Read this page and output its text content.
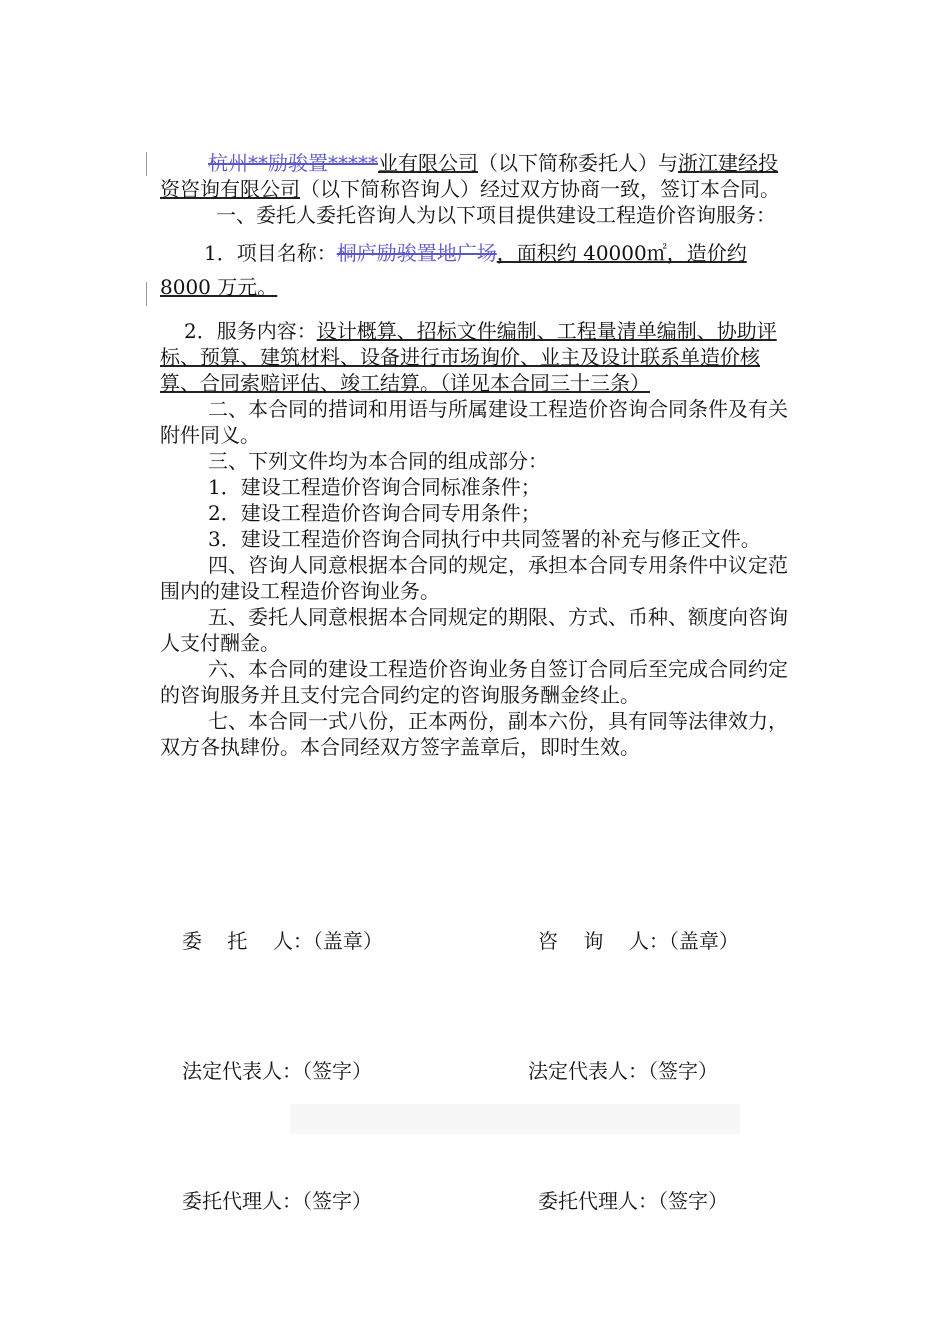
杭州**励骏置*****业有限公司（以下简称委托人）与浙江建经投资咨询有限公司（以下简称咨询人）经过双方协商一致，签订本合同。

一、委托人委托咨询人为以下项目提供建设工程造价咨询服务：

1．项目名称：桐庐励骏置地广场，面积约 40000㎡，造价约 8000 万元。

2．服务内容：设计概算、招标文件编制、工程量清单编制、协助评标、预算、建筑材料、设备进行市场询价、业主及设计联系单造价核算、合同索赔评估、竣工结算。（详见本合同三十三条）

二、本合同的措词和用语与所属建设工程造价咨询合同条件及有关附件同义。

三、下列文件均为本合同的组成部分：

1．建设工程造价咨询合同标准条件；

2．建设工程造价咨询合同专用条件；

3．建设工程造价咨询合同执行中共同签署的补充与修正文件。

四、咨询人同意根据本合同的规定，承担本合同专用条件中议定范围内的建设工程造价咨询业务。

五、委托人同意根据本合同规定的期限、方式、币种、额度向咨询人支付酬金。

六、本合同的建设工程造价咨询业务自签订合同后至完成合同约定的咨询服务并且支付完合同约定的咨询服务酬金终止。

七、本合同一式八份，正本两份，副本六份，具有同等法律效力，双方各执肆份。本合同经双方签字盖章后，即时生效。

委    托    人：（盖章）	咨    询    人：（盖章）
法定代表人：（签字）	法定代表人：（签字）
委托代理人：（签字）	委托代理人：（签字）
